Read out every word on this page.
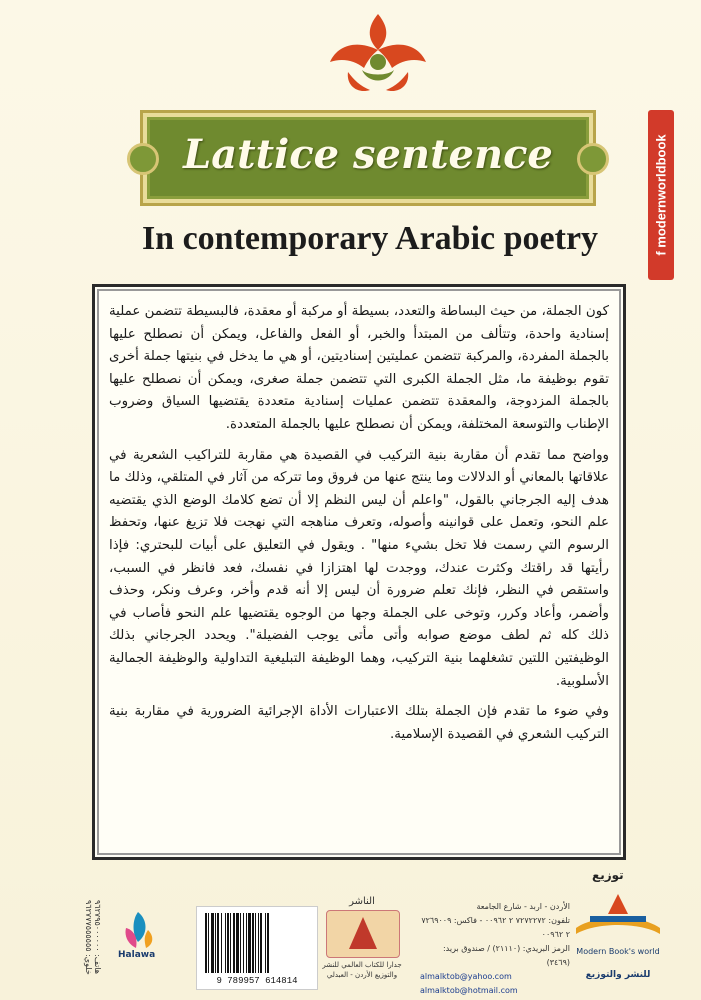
Lattice sentence
In contemporary Arabic poetry	f modernworldbook

كون الجملة، من حيث البساطة والتعدد، بسيطة أو مركبة أو معقدة، فالبسيطة تتضمن عملية إسنادية واحدة، وتتألف من المبتدأ والخبر، أو الفعل والفاعل، ويمكن أن نصطلح عليها بالجملة المفردة، والمركبة تتضمن عمليتين إسناديتين، أو هي ما يدخل في بنيتها جملة أخرى تقوم بوظيفة ما، مثل الجملة الكبرى التي تتضمن جملة صغرى، ويمكن أن نصطلح عليها بالجملة المزدوجة، والمعقدة تتضمن عمليات إسنادية متعددة يقتضيها السياق وضروب الإطناب والتوسعة المختلفة، ويمكن أن نصطلح عليها بالجملة المتعددة.

وواضح مما تقدم أن مقاربة بنية التركيب في القصيدة هي مقاربة للتراكيب الشعرية في علاقاتها بالمعاني أو الدلالات وما ينتج عنها من فروق وما تتركه من آثار في المتلقي، وذلك ما هدف إليه الجرجاني بالقول، "واعلم أن ليس النظم إلا أن تضع كلامك الوضع الذي يقتضيه علم النحو، وتعمل على قوانينه وأصوله، وتعرف مناهجه التي نهجت فلا تزيغ عنها، وتحفظ الرسوم التي رسمت فلا تخل بشيء منها" . ويقول في التعليق على أبيات للبحتري: فإذا رأيتها قد راقتك وكثرت عندك، ووجدت لها اهتزازا في نفسك، فعد فانظر في السبب، واستقص في النظر، فإنك تعلم ضرورة أن ليس إلا أنه قدم وأخر، وعرف ونكر، وحذف وأضمر، وأعاد وكرر، وتوخى على الجملة وجها من الوجوه يقتضيها علم النحو فأصاب في ذلك كله ثم لطف موضع صوابه وأتى مأتى يوجب الفضيلة". ويحدد الجرجاني بذلك الوظيفتين اللتين تشغلهما بنية التركيب، وهما الوظيفة التبليغية التداولية والوظيفة الجمالية الأسلوبية.

وفي ضوء ما تقدم فإن الجملة بتلك الاعتبارات الأداة الإجرائية الضرورية في مقاربة بنية التركيب الشعري في القصيدة الإسلامية.

هاتف: ٩٦٢٧٩٥٠٠٠٠٠٠ خلوي: ٩٦٢٧٧٧٥٥٥٥٥٥	Halawa
9 789957 614814
الناشر
جدارا للكتاب العالمي للنشر والتوزيع الأردن - العبدلي
الأردن - اربد - شارع الجامعة
تلفون: ٧٢٧٢٢٧٢ ٢ ٠٠٩٦٢ - فاكس: ٧٢٦٩٠٠٩ ٢ ٠٠٩٦٢
الرمز البريدي: (٢١١١٠) / صندوق بريد: (٣٤٦٩)
almalktob@yahoo.com
almalktob@hotmail.com
توزيع
Modern Book's world
للنشر والتوزيع
